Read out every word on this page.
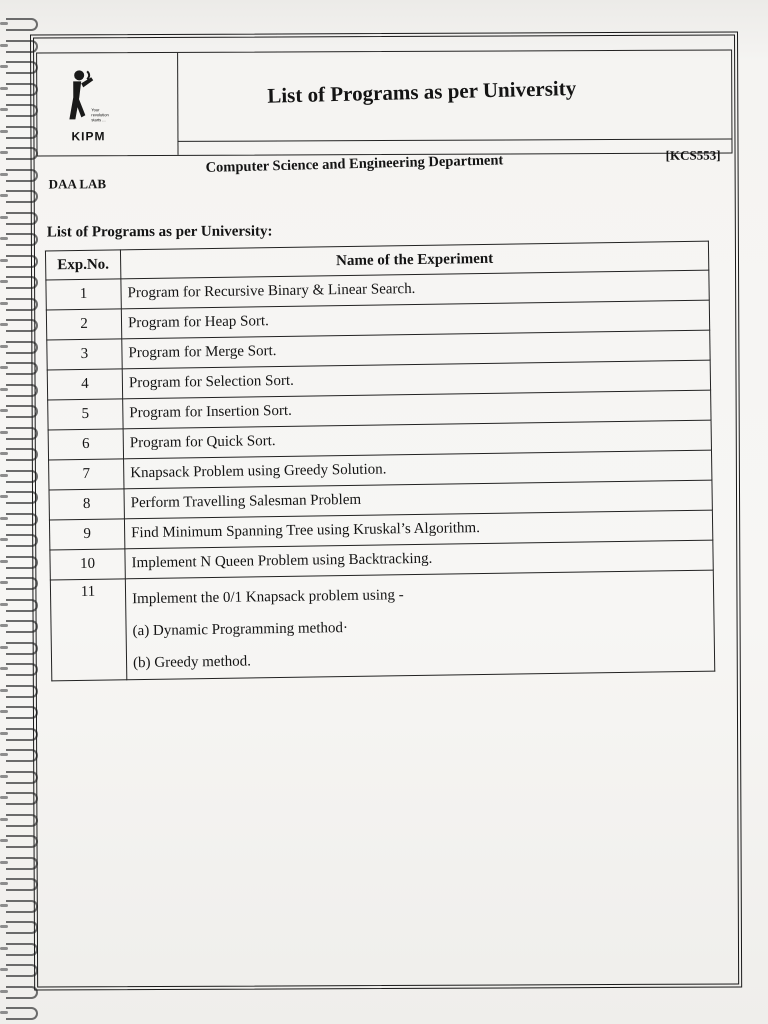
Your
revolution
starts ...
KIPM
List of Programs as per University
Computer Science and Engineering Department	[KCS553]
DAA LAB
List of Programs as per University:
Exp.No.	Name of the Experiment
1	Program for Recursive Binary & Linear Search.
2	Program for Heap Sort.
3	Program for Merge Sort.
4	Program for Selection Sort.
5	Program for Insertion Sort.
6	Program for Quick Sort.
7	Knapsack Problem using Greedy Solution.
8	Perform Travelling Salesman Problem
9	Find Minimum Spanning Tree using Kruskal’s Algorithm.
10	Implement N Queen Problem using Backtracking.
11	Implement the 0/1 Knapsack problem using -
(a) Dynamic Programming method·
(b) Greedy method.
